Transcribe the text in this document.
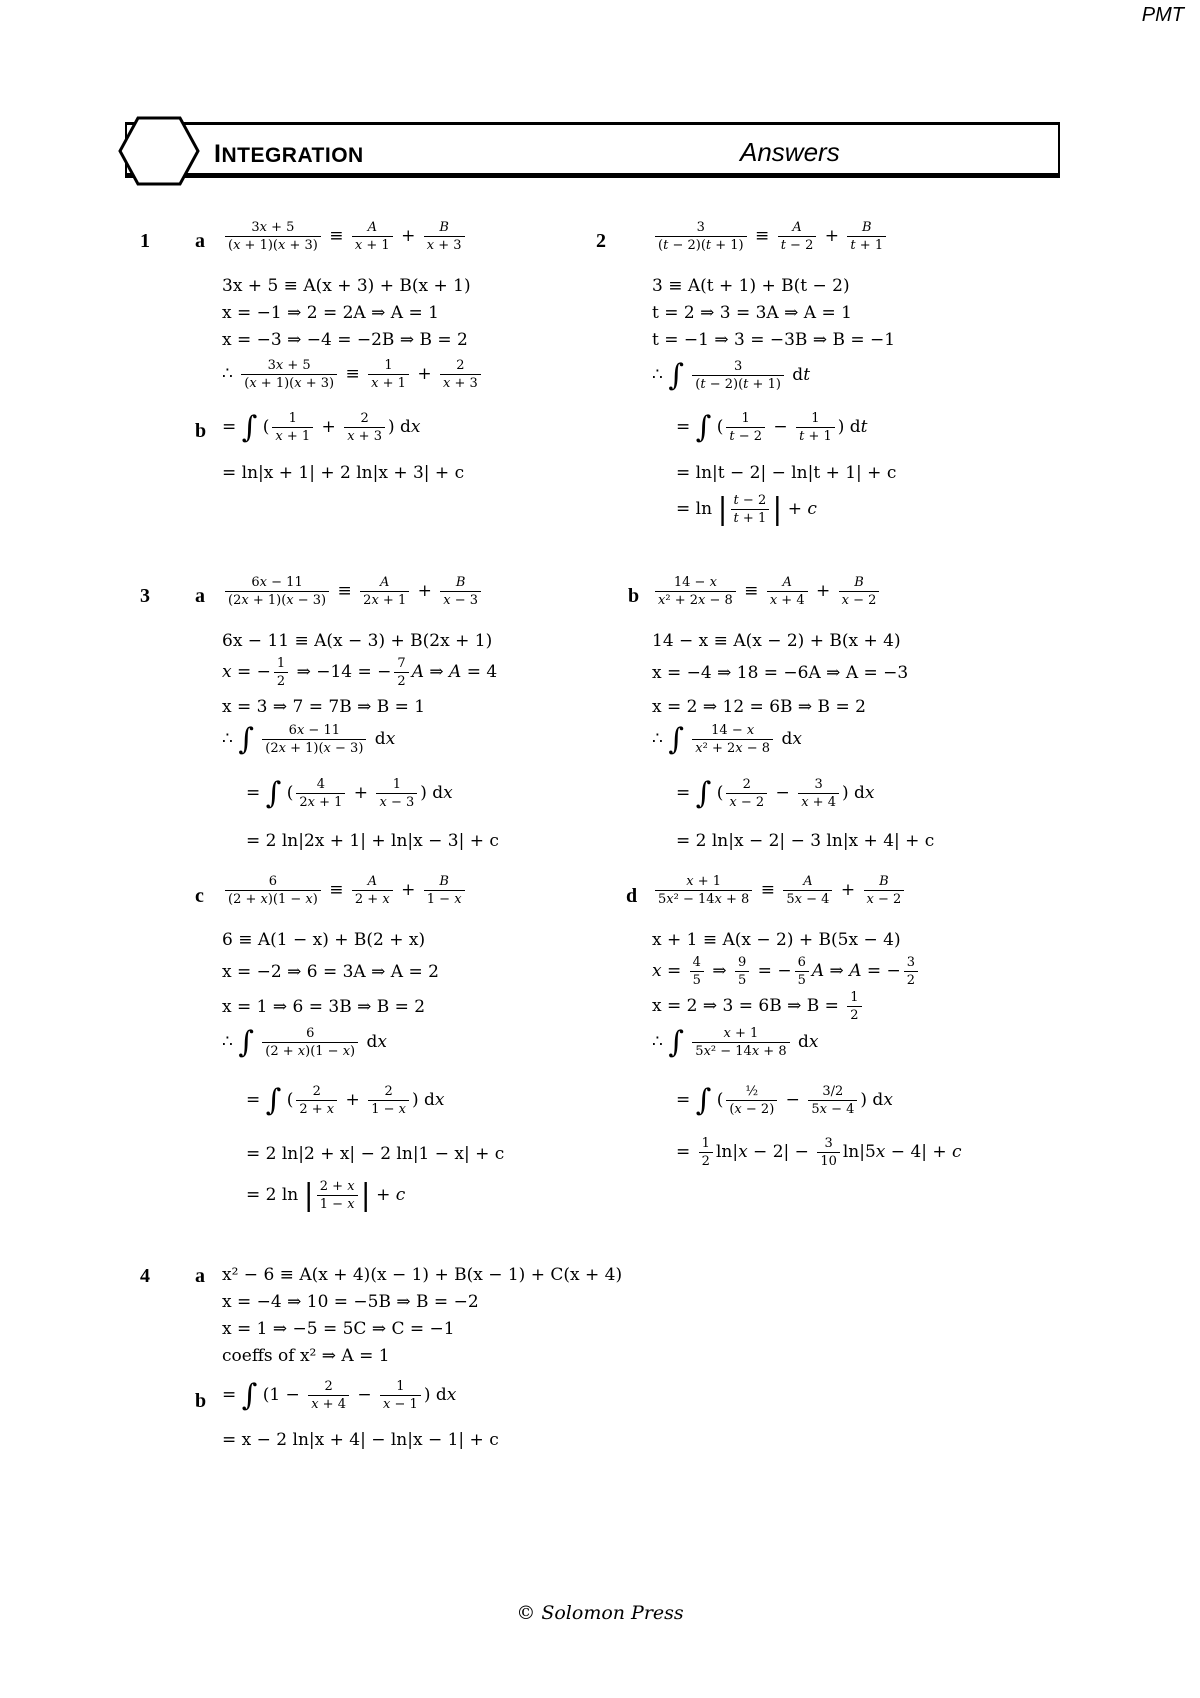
PMT
INTEGRATION	Answers
1 a $\frac{3x + 5}{(x + 1)(x + 3)} \equiv \frac{A}{x + 1} + \frac{B}{x + 3}$
3x + 5 ≡ A(x + 3) + B(x + 1)
x = −1 ⇒ 2 = 2A ⇒ A = 1
x = −3 ⇒ −4 = −2B ⇒ B = 2
∴ $\frac{3x + 5}{(x + 1)(x + 3)} \equiv \frac{1}{x + 1} + \frac{2}{x + 3}$
b = ∫ ( $\frac{1}{x + 1} + \frac{2}{x + 3}$ ) dx
= ln|x + 1| + 2 ln|x + 3| + c
2	$\frac{3}{(t - 2)(t + 1)} \equiv \frac{A}{t - 2} + \frac{B}{t + 1}$
3 ≡ A(t + 1) + B(t − 2)
t = 2 ⇒ 3 = 3A ⇒ A = 1
t = −1 ⇒ 3 = −3B ⇒ B = −1
∴ ∫ $\frac{3}{(t - 2)(t + 1)}$ dt
= ∫ ( $\frac{1}{t - 2} - \frac{1}{t + 1}$ ) dt
= ln|t − 2| − ln|t + 1| + c
= ln | $\frac{t - 2}{t + 1}$ | + c
3 a $\frac{6x - 11}{(2x + 1)(x - 3)} \equiv \frac{A}{2x + 1} + \frac{B}{x - 3}$
6x − 11 ≡ A(x − 3) + B(2x + 1)
x = − $\frac{1}{2}$ ⇒ −14 = − $\frac{7}{2}$ A ⇒ A = 4
x = 3 ⇒ 7 = 7B ⇒ B = 1
∴ ∫ $\frac{6x - 11}{(2x + 1)(x - 3)}$ dx
= ∫ ( $\frac{4}{2x + 1} + \frac{1}{x - 3}$ ) dx
= 2 ln|2x + 1| + ln|x − 3| + c
b $\frac{14 - x}{\text{x² + 2x − 8}} \equiv \frac{A}{x + 4} + \frac{B}{x - 2}$
14 − x ≡ A(x − 2) + B(x + 4)
x = −4 ⇒ 18 = −6A ⇒ A = −3
x = 2 ⇒ 12 = 6B ⇒ B = 2
∴ ∫ $\frac{14 - x}{\text{x² + 2x − 8}}$ dx
= ∫ ( $\frac{2}{x - 2} - \frac{3}{x + 4}$ ) dx
= 2 ln|x − 2| − 3 ln|x + 4| + c
c $\frac{6}{(2 + x)(1 - x)} \equiv \frac{A}{2 + x} + \frac{B}{1 - x}$
6 ≡ A(1 − x) + B(2 + x)
x = −2 ⇒ 6 = 3A ⇒ A = 2
x = 1 ⇒ 6 = 3B ⇒ B = 2
∴ ∫ $\frac{6}{(2 + x)(1 - x)}$ dx
= ∫ ( $\frac{2}{2 + x} + \frac{2}{1 - x}$ ) dx
= 2 ln|2 + x| − 2 ln|1 − x| + c
= 2 ln | $\frac{2 + x}{1 - x}$ | + c
d $\frac{x + 1}{\text{5x² − 14x + 8}} \equiv \frac{A}{5x - 4} + \frac{B}{x - 2}$
x + 1 ≡ A(x − 2) + B(5x − 4)
$x = \frac{4}{5}$ ⇒ $\frac{9}{5}$ = − $\frac{6}{5}$ A ⇒ A = − $\frac{3}{2}$
x = 2 ⇒ 3 = 6B ⇒ $B = \frac{1}{2}$
∴ ∫ $\frac{x + 1}{\text{5x² − 14x + 8}}$ dx
= ∫ ( $\frac{\text{½}}{(x - 2)} - \frac{3/2}{5x - 4}$ ) dx
= $\frac{1}{2} \ln|x - 2| - \frac{3}{10} \ln|5x - 4| + c$
4 a x² − 6 ≡ A(x + 4)(x − 1) + B(x − 1) + C(x + 4)
x = −4 ⇒ 10 = −5B ⇒ B = −2
x = 1 ⇒ −5 = 5C ⇒ C = −1
coeffs of x² ⇒ A = 1
b = ∫ ($1 - \frac{2}{x + 4} - \frac{1}{x - 1}$ ) dx
= x − 2 ln|x + 4| − ln|x − 1| + c
© Solomon Press
